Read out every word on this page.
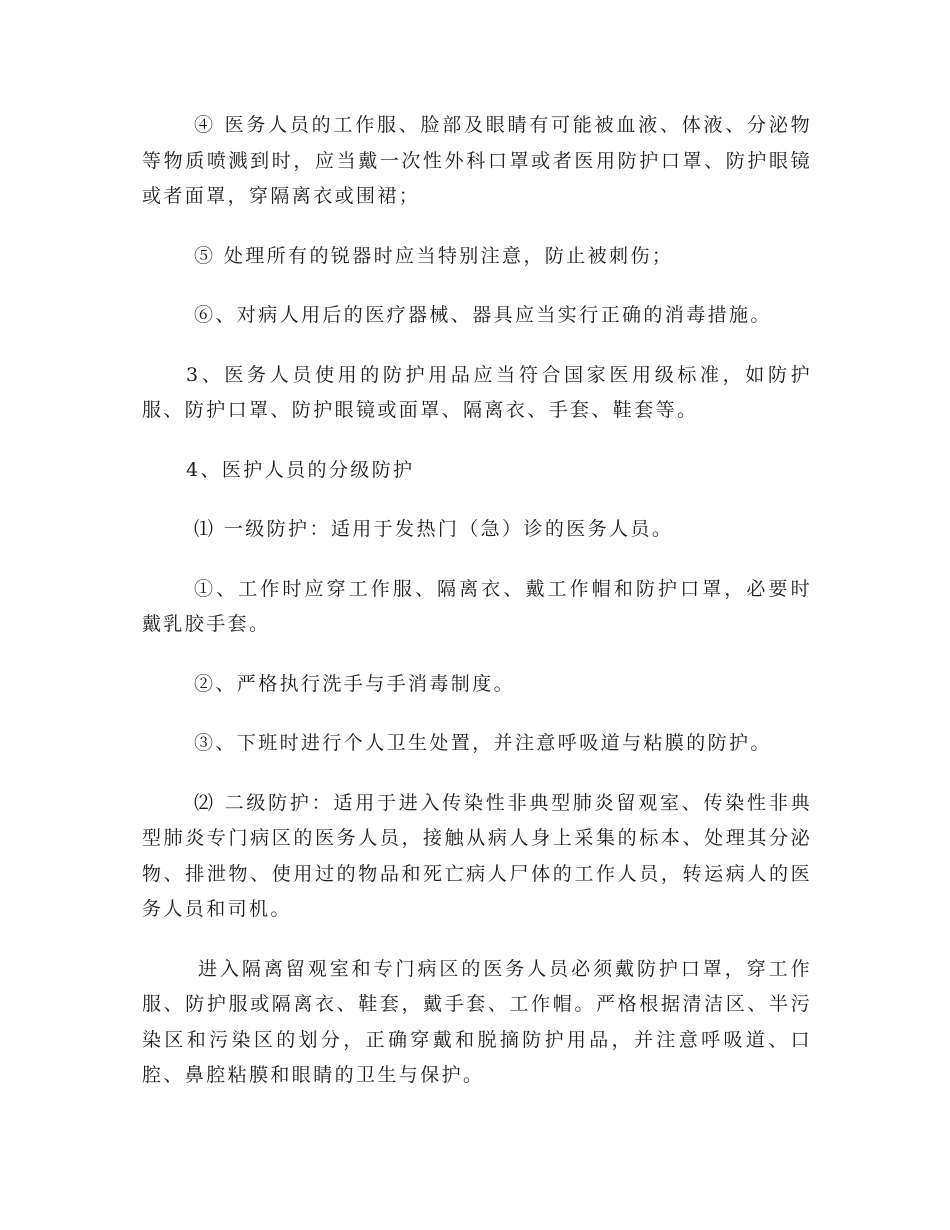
④ 医务人员的工作服、脸部及眼睛有可能被血液、体液、分泌物等物质喷溅到时，应当戴一次性外科口罩或者医用防护口罩、防护眼镜或者面罩，穿隔离衣或围裙；

⑤ 处理所有的锐器时应当特别注意，防止被刺伤；

⑥、对病人用后的医疗器械、器具应当实行正确的消毒措施。

3、医务人员使用的防护用品应当符合国家医用级标准，如防护服、防护口罩、防护眼镜或面罩、隔离衣、手套、鞋套等。

4、医护人员的分级防护

⑴ 一级防护：适用于发热门（急）诊的医务人员。

①、工作时应穿工作服、隔离衣、戴工作帽和防护口罩，必要时戴乳胶手套。

②、严格执行洗手与手消毒制度。

③、下班时进行个人卫生处置，并注意呼吸道与粘膜的防护。

⑵ 二级防护：适用于进入传染性非典型肺炎留观室、传染性非典型肺炎专门病区的医务人员，接触从病人身上采集的标本、处理其分泌物、排泄物、使用过的物品和死亡病人尸体的工作人员，转运病人的医务人员和司机。

进入隔离留观室和专门病区的医务人员必须戴防护口罩，穿工作服、防护服或隔离衣、鞋套，戴手套、工作帽。严格根据清洁区、半污染区和污染区的划分，正确穿戴和脱摘防护用品，并注意呼吸道、口腔、鼻腔粘膜和眼睛的卫生与保护。
